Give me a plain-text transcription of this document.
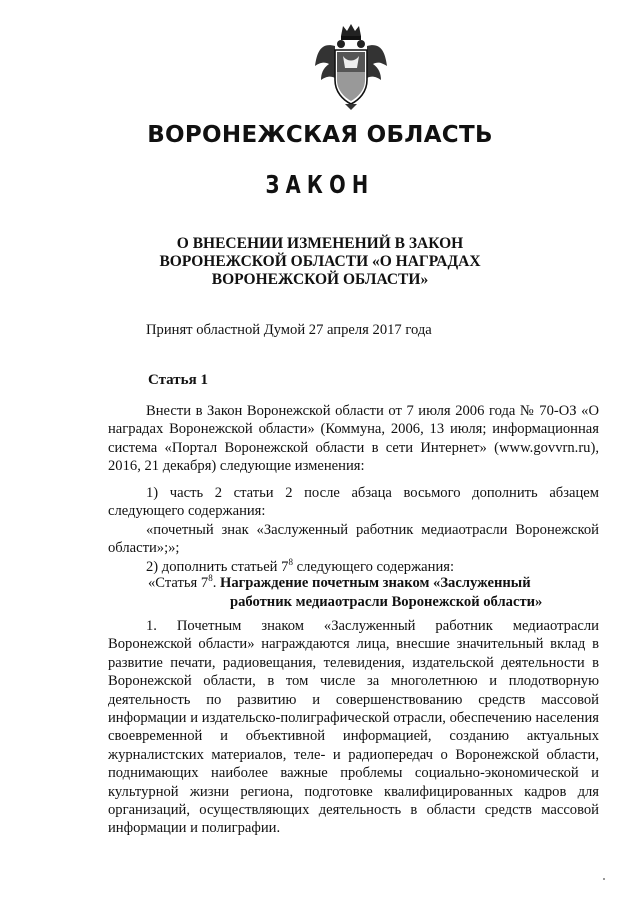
ВОРОНЕЖСКАЯ ОБЛАСТЬ
ЗАКОН
О ВНЕСЕНИИ ИЗМЕНЕНИЙ В ЗАКОН
ВОРОНЕЖСКОЙ ОБЛАСТИ «О НАГРАДАХ
ВОРОНЕЖСКОЙ ОБЛАСТИ»
Принят областной Думой 27 апреля 2017 года
Статья 1

Внести в Закон Воронежской области от 7 июля 2006 года № 70-ОЗ «О наградах Воронежской области» (Коммуна, 2006, 13 июля; информационная система «Портал Воронежской области в сети Интернет» (www.govvrn.ru), 2016, 21 декабря) следующие изменения:

1) часть 2 статьи 2 после абзаца восьмого дополнить абзацем следующего содержания:

«почетный знак «Заслуженный работник медиаотрасли Воронежской области»;»;

2) дополнить статьей $7^8$ следующего содержания:

«Статья $7^8$. Награждение почетным знаком «Заслуженный
работник медиаотрасли Воронежской области»

1. Почетным знаком «Заслуженный работник медиаотрасли Воронежской области» награждаются лица, внесшие значительный вклад в развитие печати, радиовещания, телевидения, издательской деятельности в Воронежской области, в том числе за многолетнюю и плодотворную деятельность по развитию и совершенствованию средств массовой информации и издательско-полиграфической отрасли, обеспечению населения своевременной и объективной информацией, созданию актуальных журналистских материалов, теле- и радиопередач о Воронежской области, поднимающих наиболее важные проблемы социально-экономической и культурной жизни региона, подготовке квалифицированных кадров для организаций, осуществляющих деятельность в области средств массовой информации и полиграфии.
